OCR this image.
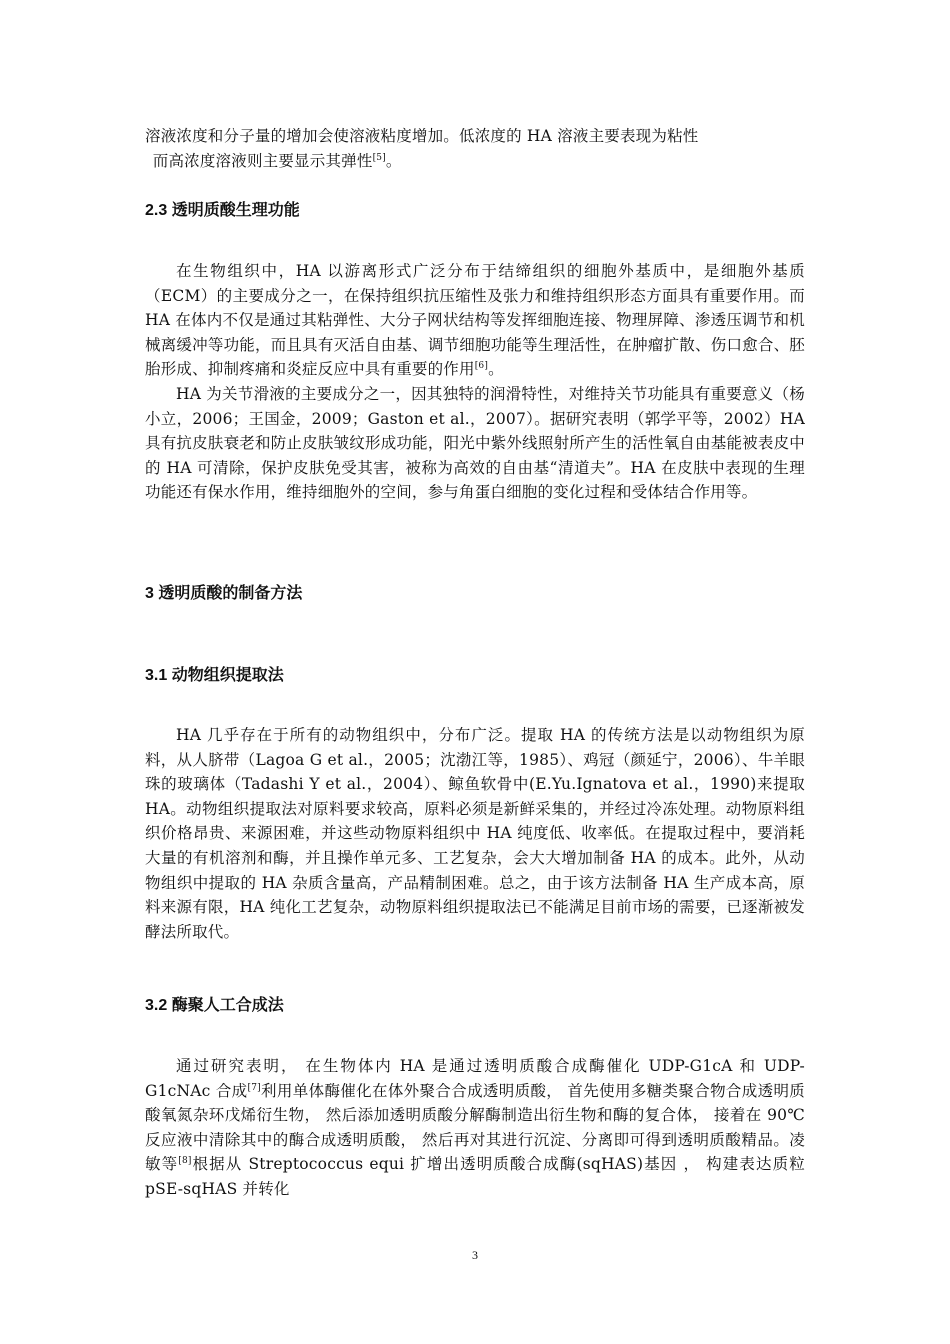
溶液浓度和分子量的增加会使溶液粘度增加。低浓度的 HA 溶液主要表现为粘性

而高浓度溶液则主要显示其弹性[5]。

2.3 透明质酸生理功能

在生物组织中，HA 以游离形式广泛分布于结缔组织的细胞外基质中，是细胞外基质（ECM）的主要成分之一，在保持组织抗压缩性及张力和维持组织形态方面具有重要作用。而 HA 在体内不仅是通过其粘弹性、大分子网状结构等发挥细胞连接、物理屏障、渗透压调节和机械离缓冲等功能，而且具有灭活自由基、调节细胞功能等生理活性，在肿瘤扩散、伤口愈合、胚胎形成、抑制疼痛和炎症反应中具有重要的作用[6]。

HA 为关节滑液的主要成分之一，因其独特的润滑特性，对维持关节功能具有重要意义（杨小立，2006；王国金，2009；Gaston et al.，2007）。据研究表明（郭学平等，2002）HA 具有抗皮肤衰老和防止皮肤皱纹形成功能，阳光中紫外线照射所产生的活性氧自由基能被表皮中的 HA 可清除，保护皮肤免受其害，被称为高效的自由基“清道夫”。HA 在皮肤中表现的生理功能还有保水作用，维持细胞外的空间，参与角蛋白细胞的变化过程和受体结合作用等。

3 透明质酸的制备方法
3.1 动物组织提取法

HA 几乎存在于所有的动物组织中，分布广泛。提取 HA 的传统方法是以动物组织为原料，从人脐带（Lagoa G et al.，2005；沈渤江等，1985）、鸡冠（颜延宁，2006）、牛羊眼珠的玻璃体（Tadashi Y et al.，2004）、鲸鱼软骨中(E.Yu.Ignatova et al.，1990)来提取 HA。动物组织提取法对原料要求较高，原料必须是新鲜采集的，并经过冷冻处理。动物原料组织价格昂贵、来源困难，并这些动物原料组织中 HA 纯度低、收率低。在提取过程中，要消耗大量的有机溶剂和酶，并且操作单元多、工艺复杂，会大大增加制备 HA 的成本。此外，从动物组织中提取的 HA 杂质含量高，产品精制困难。总之，由于该方法制备 HA 生产成本高，原料来源有限，HA 纯化工艺复杂，动物原料组织提取法已不能满足目前市场的需要，已逐渐被发酵法所取代。

3.2 酶聚人工合成法

通过研究表明， 在生物体内 HA 是通过透明质酸合成酶催化 UDP-G1cA 和 UDP-G1cNAc 合成[7]利用单体酶催化在体外聚合合成透明质酸， 首先使用多糖类聚合物合成透明质酸氧氮杂环戊烯衍生物， 然后添加透明质酸分解酶制造出衍生物和酶的复合体， 接着在 90℃反应液中清除其中的酶合成透明质酸， 然后再对其进行沉淀、分离即可得到透明质酸精品。凌敏等[8]根据从 Streptococcus equi 扩增出透明质酸合成酶(sqHAS)基因 ， 构建表达质粒 pSE-sqHAS 并转化

3
